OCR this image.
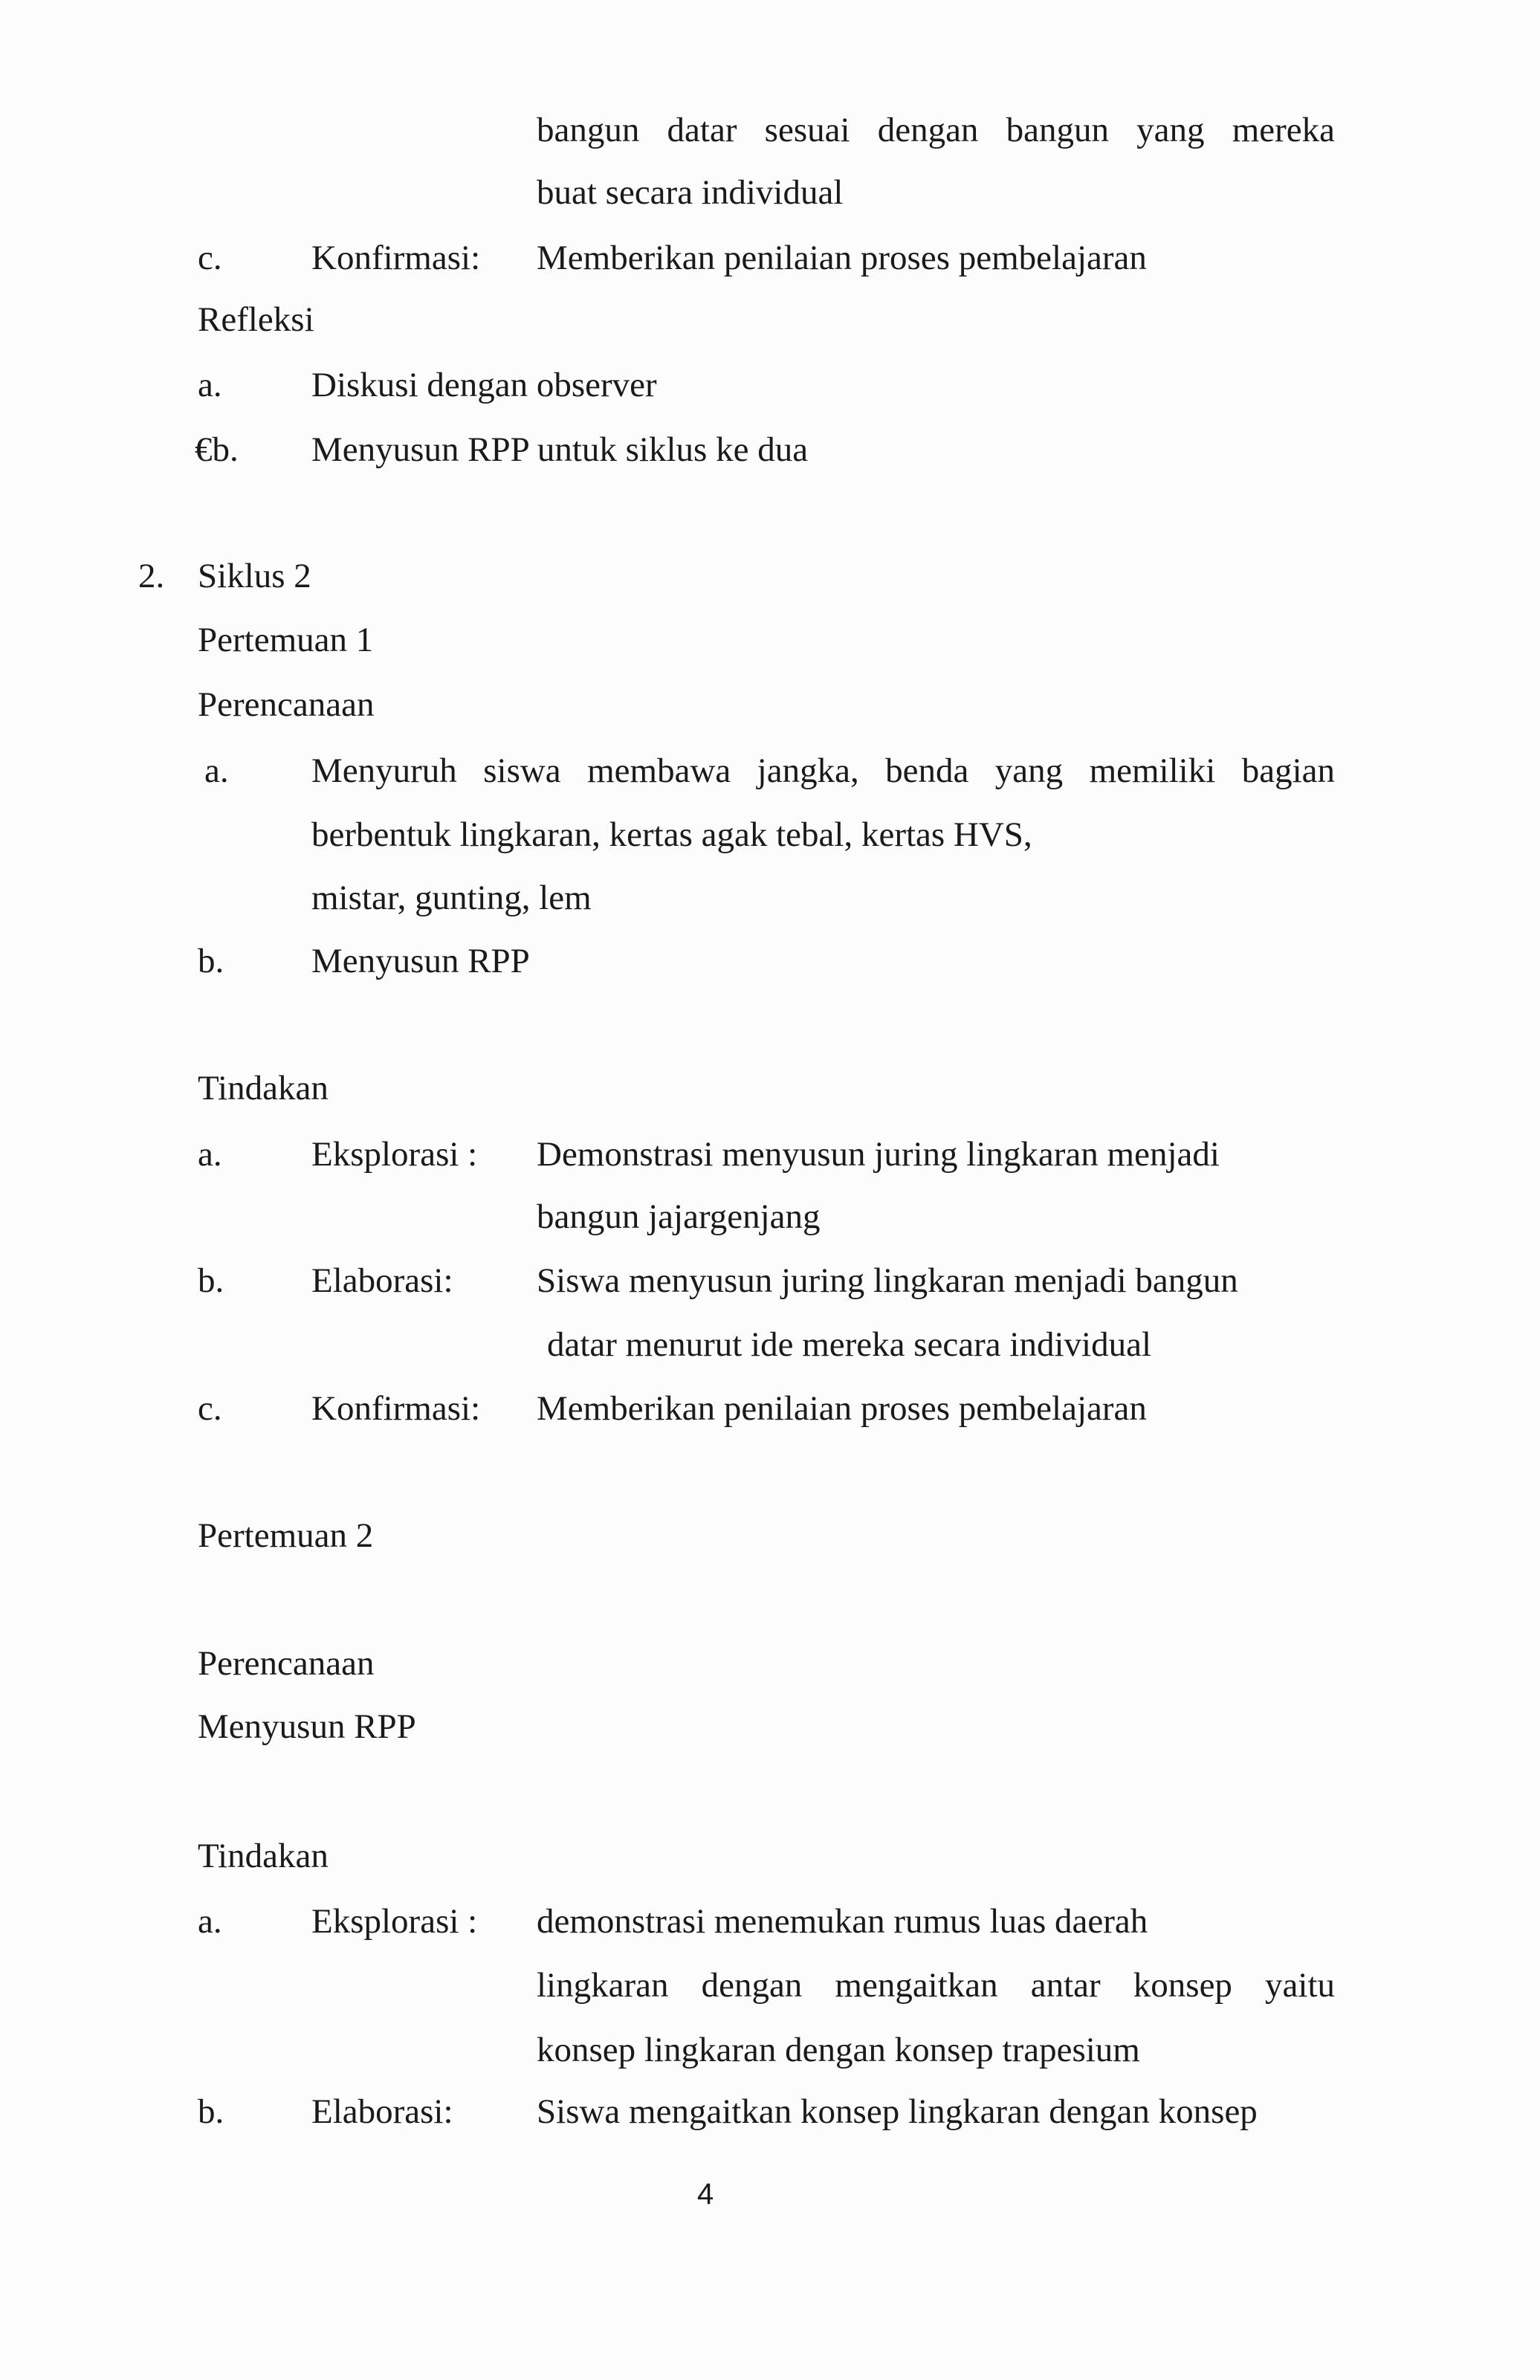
bangun datar sesuai dengan bangun yang mereka
buat secara individual
c.	Konfirmasi: Memberikan penilaian proses pembelajaran
Refleksi
a.	Diskusi dengan observer
€b. Menyusun RPP untuk siklus ke dua
2. Siklus 2
Pertemuan 1
Perencanaan
a. Menyuruh siswa membawa jangka, benda yang memiliki bagian
berbentuk lingkaran, kertas agak tebal, kertas HVS,
mistar, gunting, lem
b.	Menyusun RPP
Tindakan
a.	Eksplorasi : Demonstrasi menyusun juring lingkaran menjadi
bangun jajargenjang
b.	Elaborasi: Siswa menyusun juring lingkaran menjadi bangun
datar menurut ide mereka secara individual
c.	Konfirmasi: Memberikan penilaian proses pembelajaran
Pertemuan 2
Perencanaan
Menyusun RPP
Tindakan
a.	Eksplorasi : demonstrasi menemukan rumus luas daerah
lingkaran dengan mengaitkan antar konsep yaitu
konsep lingkaran dengan konsep trapesium
b.	Elaborasi: Siswa mengaitkan konsep lingkaran dengan konsep
4
